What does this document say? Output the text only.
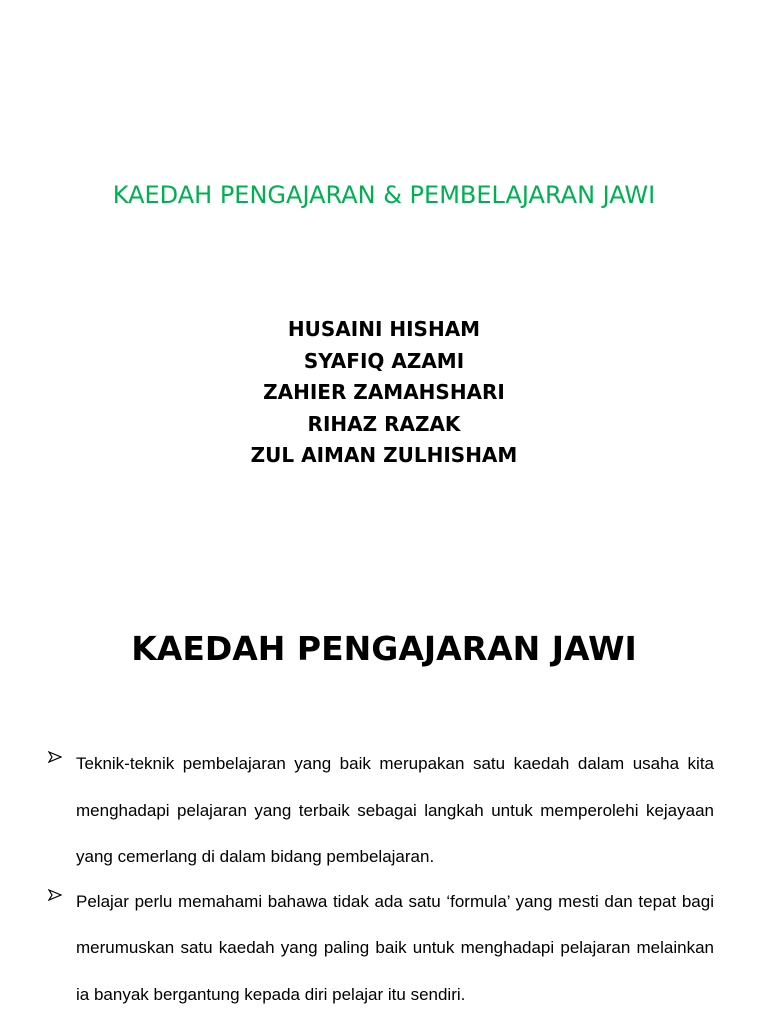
KAEDAH PENGAJARAN & PEMBELAJARAN JAWI
HUSAINI HISHAM
SYAFIQ AZAMI
ZAHIER ZAMAHSHARI
RIHAZ RAZAK
ZUL AIMAN ZULHISHAM
KAEDAH PENGAJARAN JAWI
Teknik-teknik pembelajaran yang baik merupakan satu kaedah dalam usaha kita menghadapi pelajaran yang terbaik sebagai langkah untuk memperolehi kejayaan yang cemerlang di dalam bidang pembelajaran.
Pelajar perlu memahami bahawa tidak ada satu ‘formula’ yang mesti dan tepat bagi merumuskan satu kaedah yang paling baik untuk menghadapi pelajaran melainkan ia banyak bergantung kepada diri pelajar itu sendiri.
